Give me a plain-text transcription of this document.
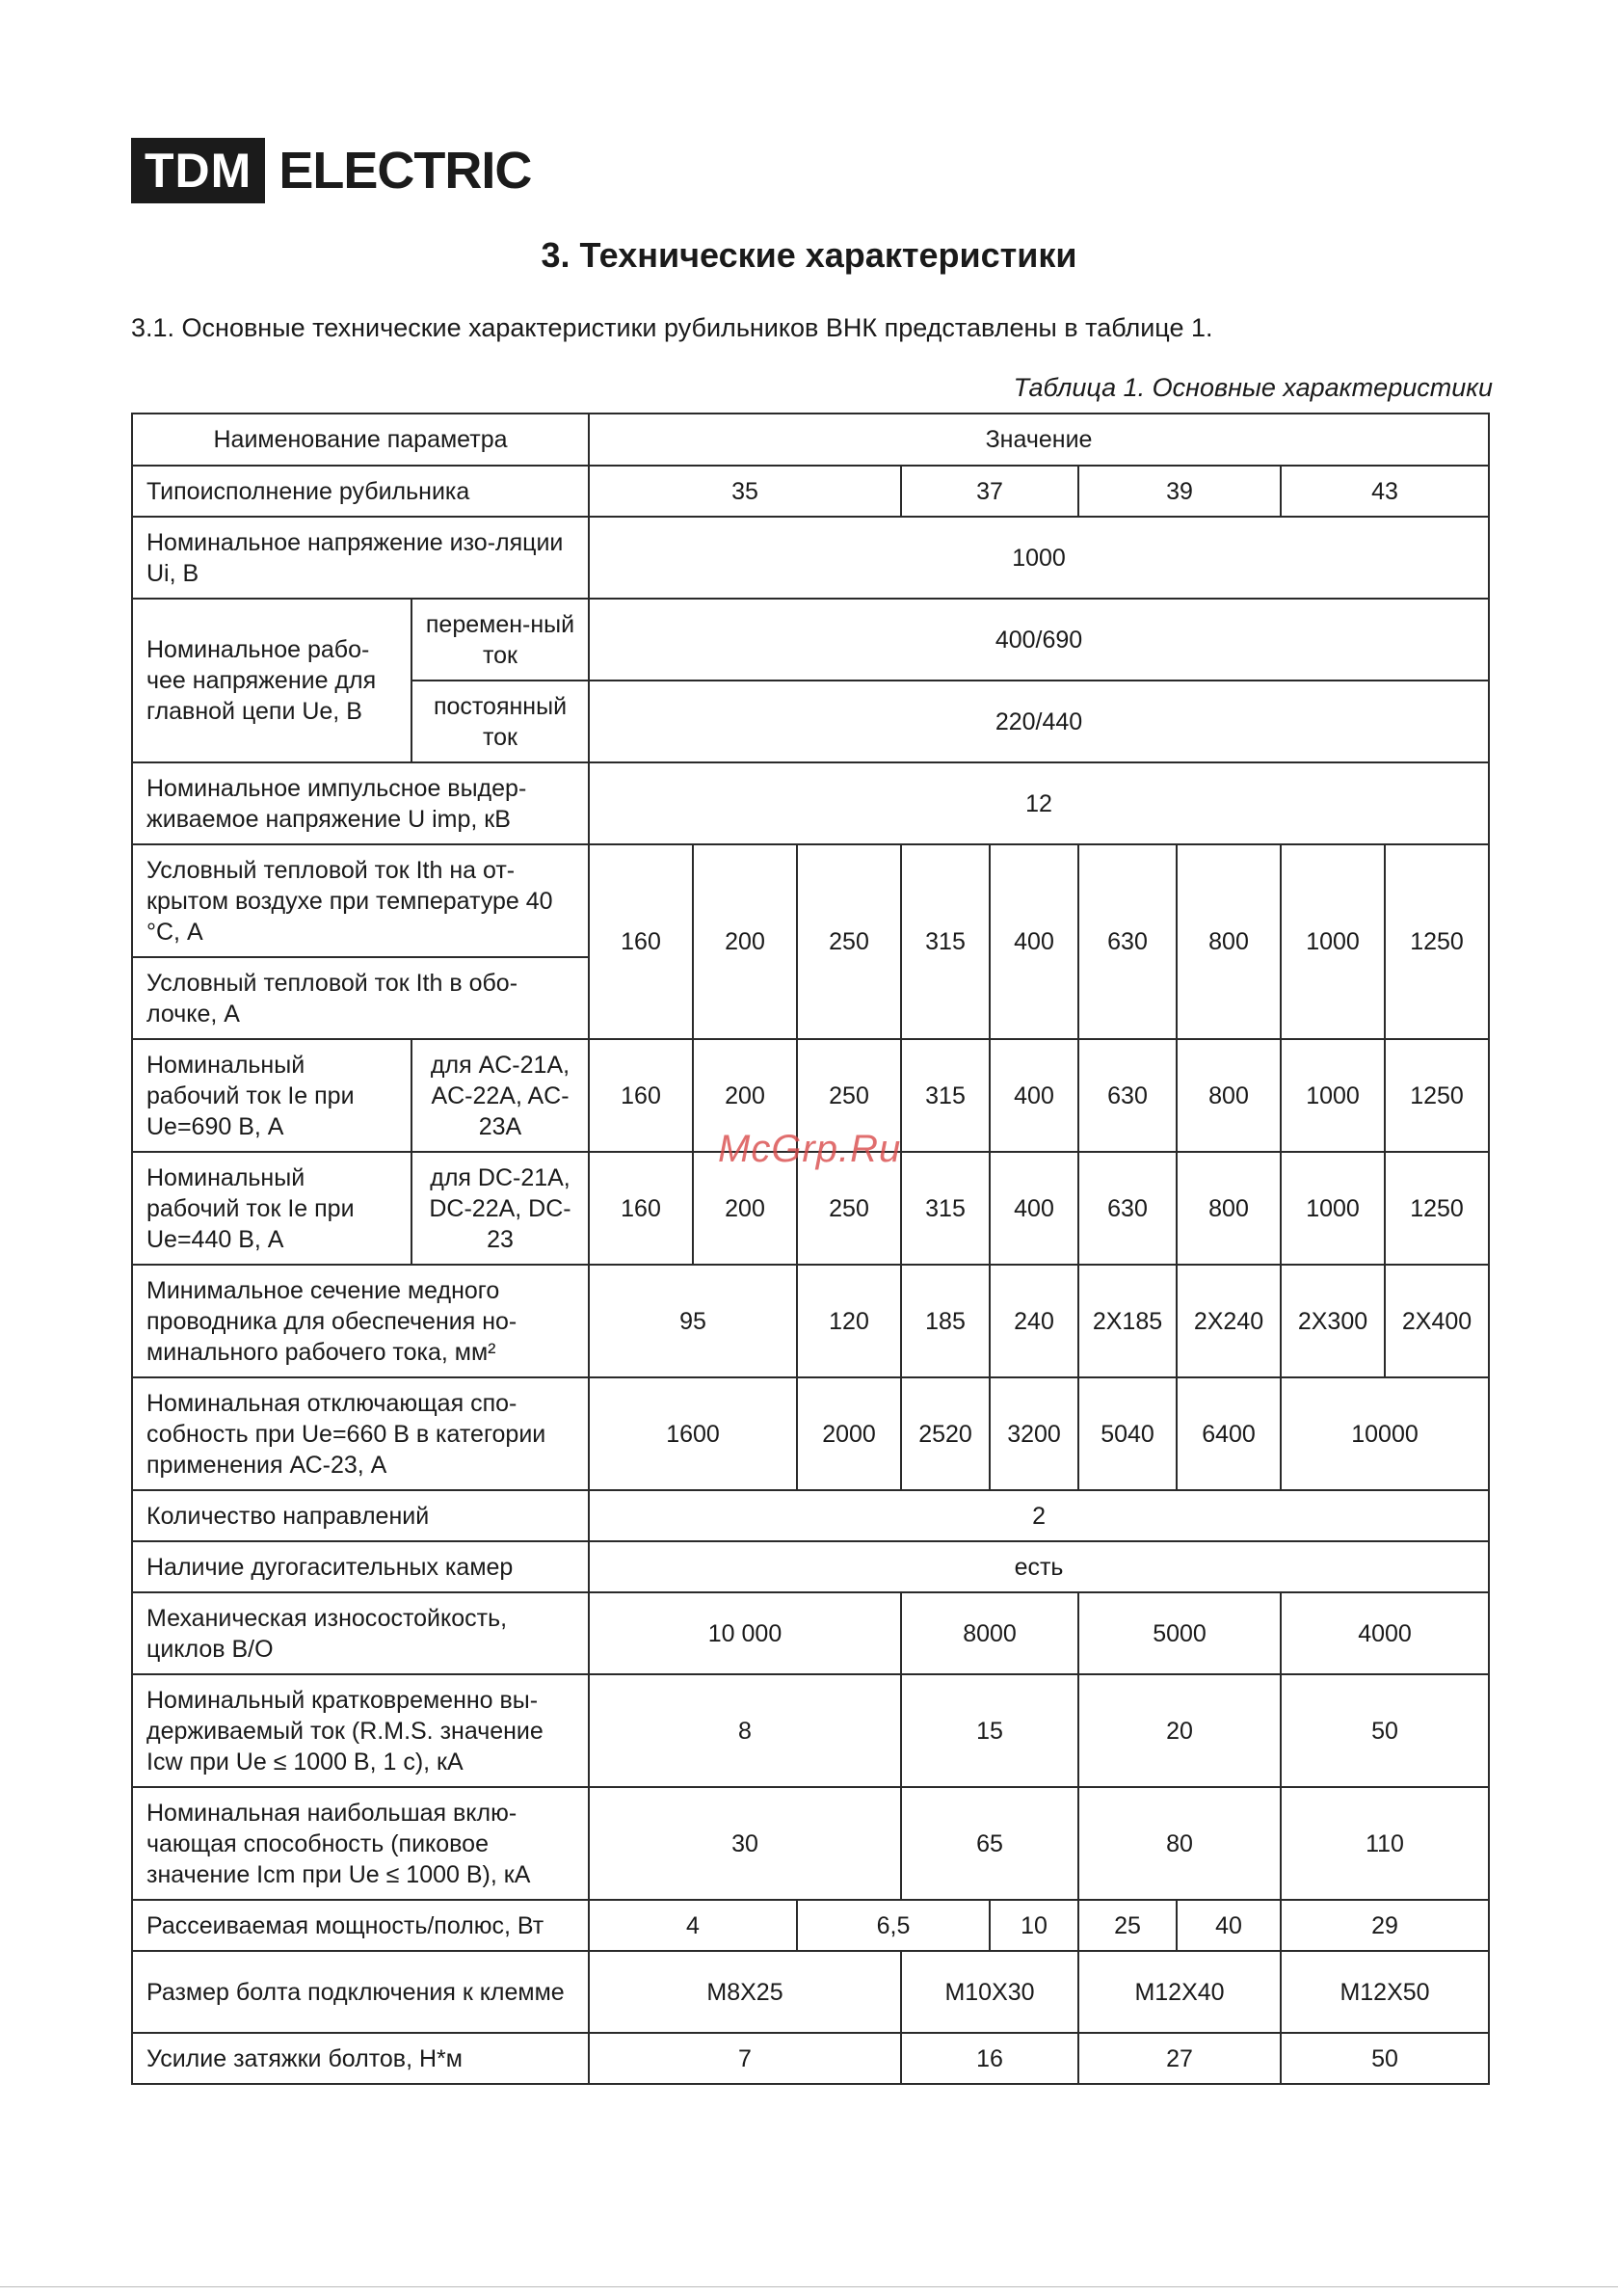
TDM ELECTRIC
3. Технические характеристики

3.1. Основные технические характеристики рубильников ВНК представлены в таблице 1.

Таблица 1. Основные характеристики

Наименование параметра		Значение								
Типоисполнение рубильника		35			37		39		43	
Номинальное напряжение изо-ляции Ui, В		1000								
Номинальное рабо-чее напряжение для главной цепи Ue, В	перемен-ный ток	400/690								
	постоянный ток	220/440								
Номинальное импульсное выдер-живаемое напряжение U imp, кВ		12								
Условный тепловой ток Ith на от-крытом воздухе при температуре 40 °C, А		160	200	250	315	400	630	800	1000	1250
Условный тепловой ток Ith в обо-лочке, А										
Номинальный рабочий ток Ie при Ue=690 В, А	для AC-21A, AC-22A, AC-23A	160	200	250	315	400	630	800	1000	1250
Номинальный рабочий ток Ie при Ue=440 В, А	для DC-21A, DC-22A, DC-23	160	200	250	315	400	630	800	1000	1250
Минимальное сечение медного проводника для обеспечения но-минального рабочего тока, мм²		95		120	185	240	2X185	2X240	2X300	2X400
Номинальная отключающая спо-собность при Ue=660 В в категории применения АС-23, А		1600		2000	2520	3200	5040	6400	10000	
Количество направлений		2								
Наличие дугогасительных камер		есть								
Механическая износостойкость, циклов В/О		10 000			8000		5000		4000	
Номинальный кратковременно вы-держиваемый ток (R.M.S. значение Icw при Ue ≤ 1000 В, 1 с), кА		8			15		20		50	
Номинальная наибольшая вклю-чающая способность (пиковое значение Icm при Ue ≤ 1000 В), кА		30			65		80		110	
Рассеиваемая мощность/полюс, Вт		4		6,5		10	25	40	29	
Размер болта подключения к клемме		M8X25			M10X30		M12X40		M12X50	
Усилие затяжки болтов, Н*м		7			16		27		50	
McGrp.Ru
